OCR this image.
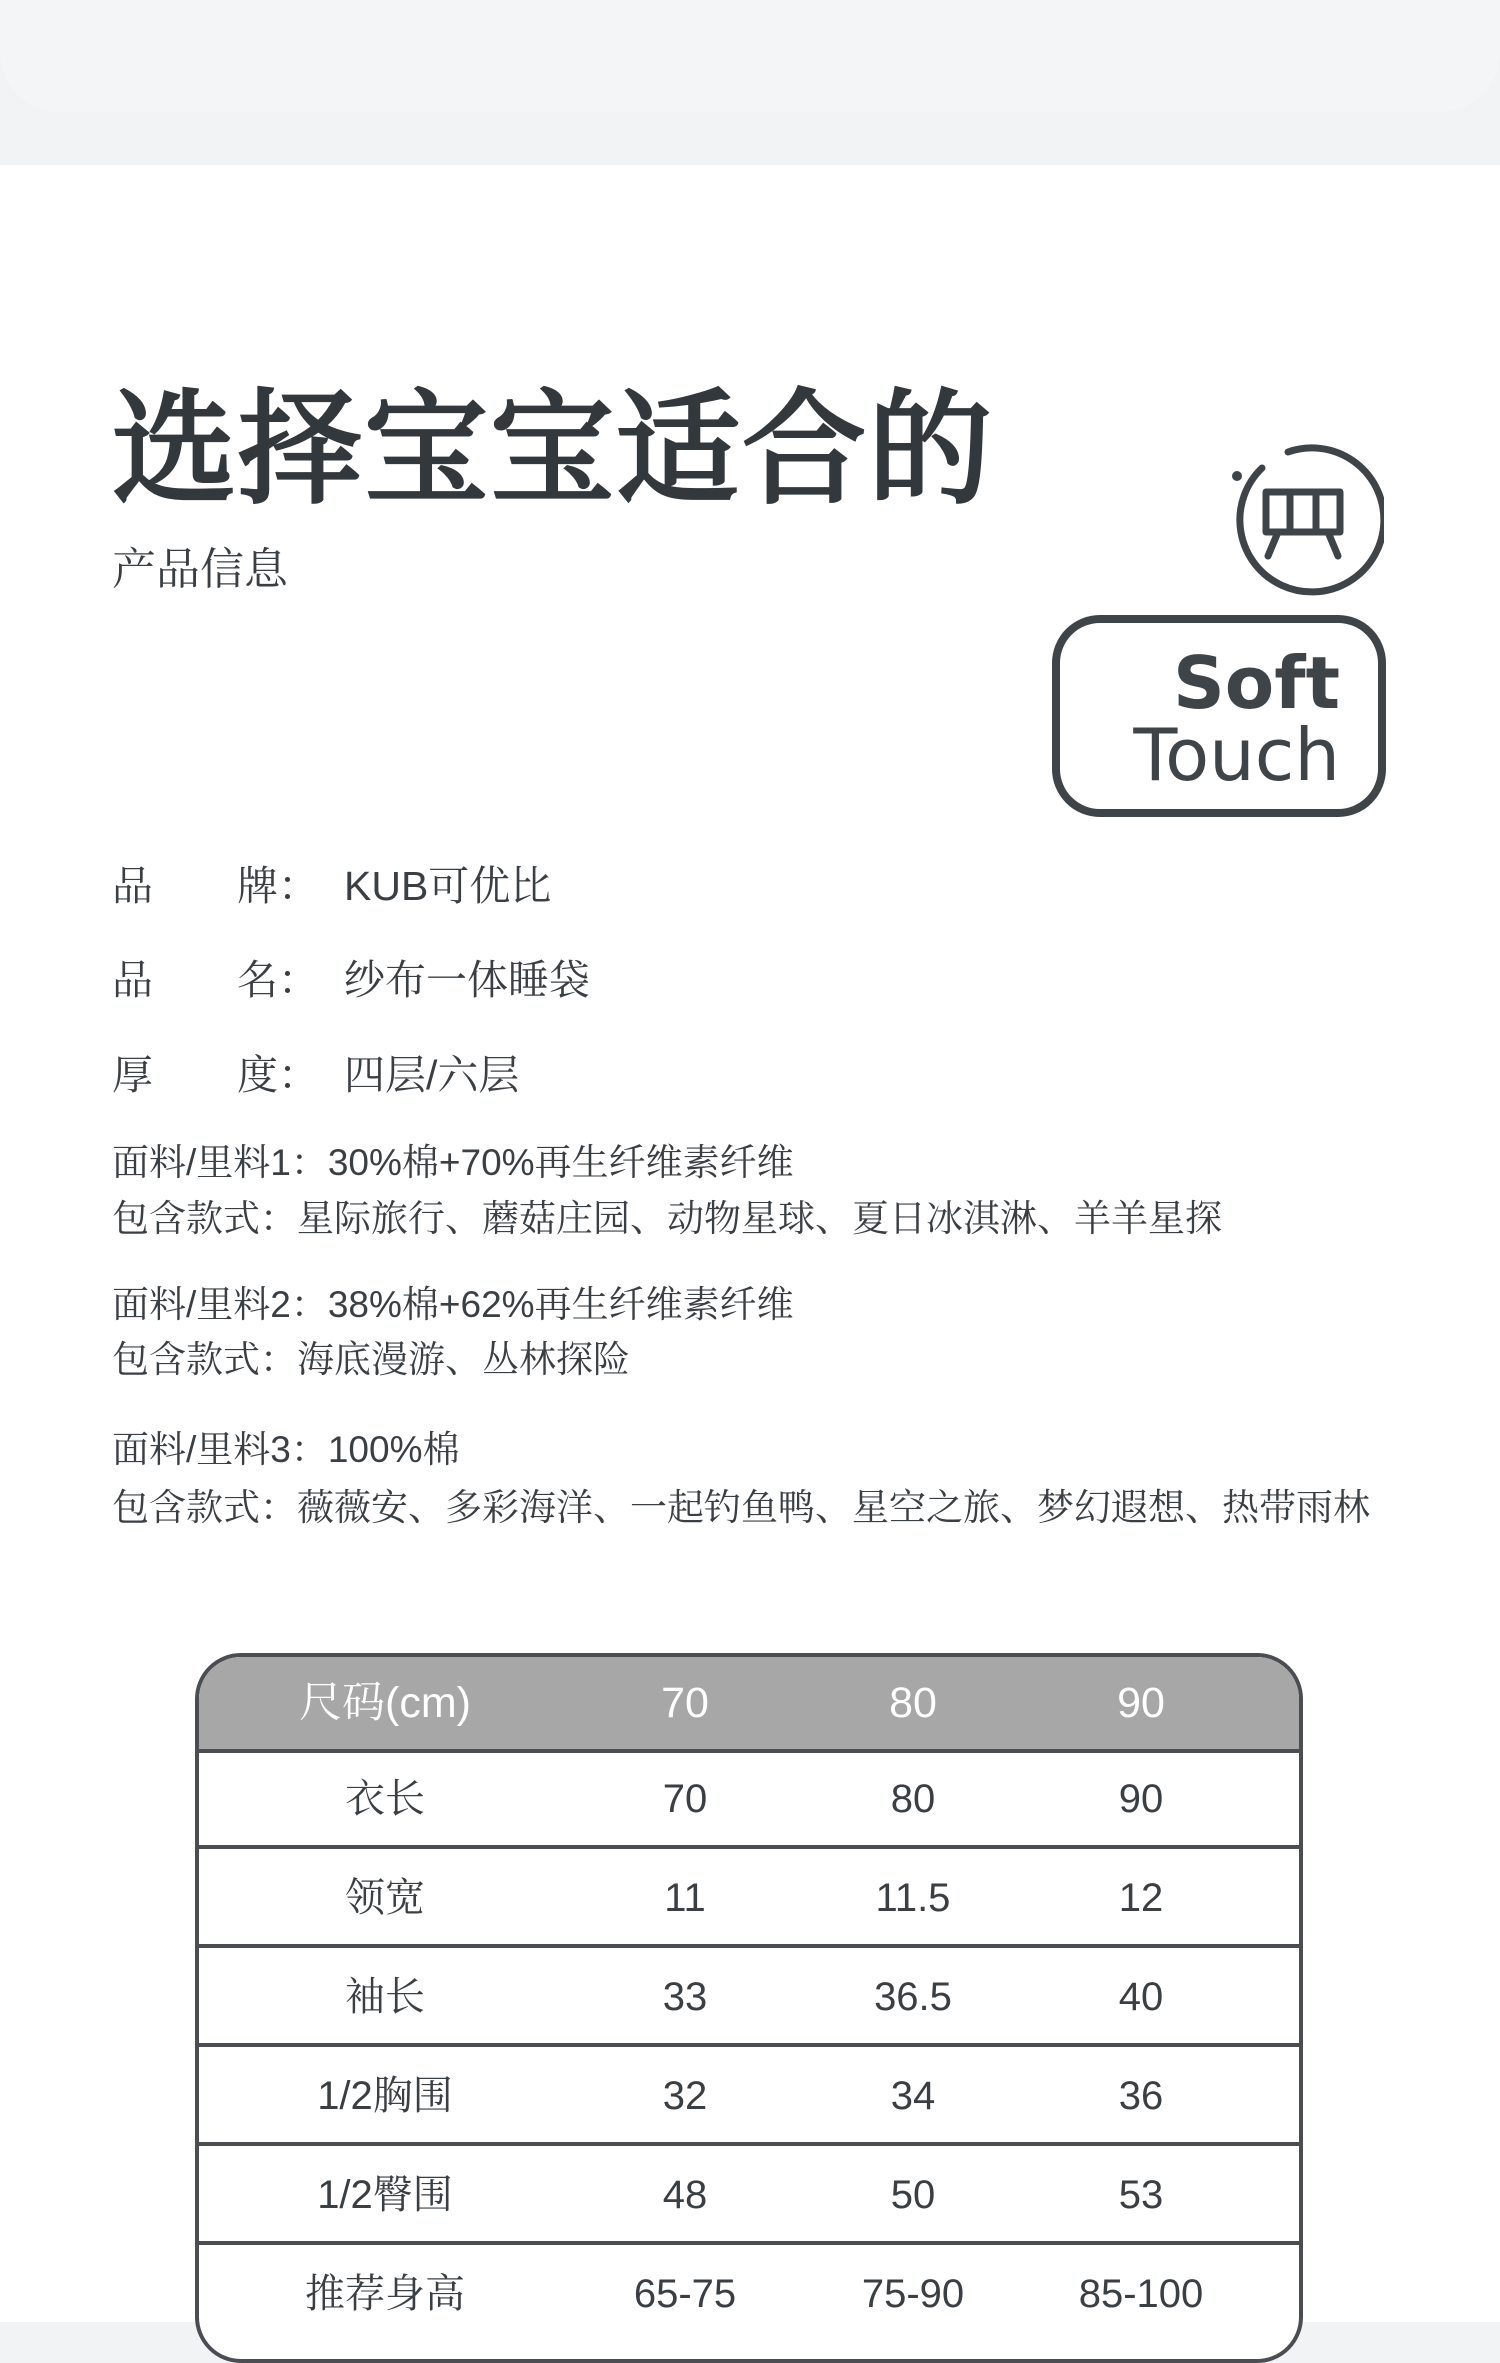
选择宝宝适合的
产品信息
Soft
Touch
品 牌： KUB可优比
品 名： 纱布一体睡袋
厚 度： 四层/六层
面料/里料1：30%棉+70%再生纤维素纤维
包含款式：星际旅行、蘑菇庄园、动物星球、夏日冰淇淋、羊羊星探
面料/里料2：38%棉+62%再生纤维素纤维
包含款式：海底漫游、丛林探险
面料/里料3：100%棉
包含款式：薇薇安、多彩海洋、一起钓鱼鸭、星空之旅、梦幻遐想、热带雨林
尺码(cm)	70	80	90
衣长	70	80	90
领宽	11	11.5	12
袖长	33	36.5	40
1/2胸围	32	34	36
1/2臀围	48	50	53
推荐身高	65-75	75-90	85-100
